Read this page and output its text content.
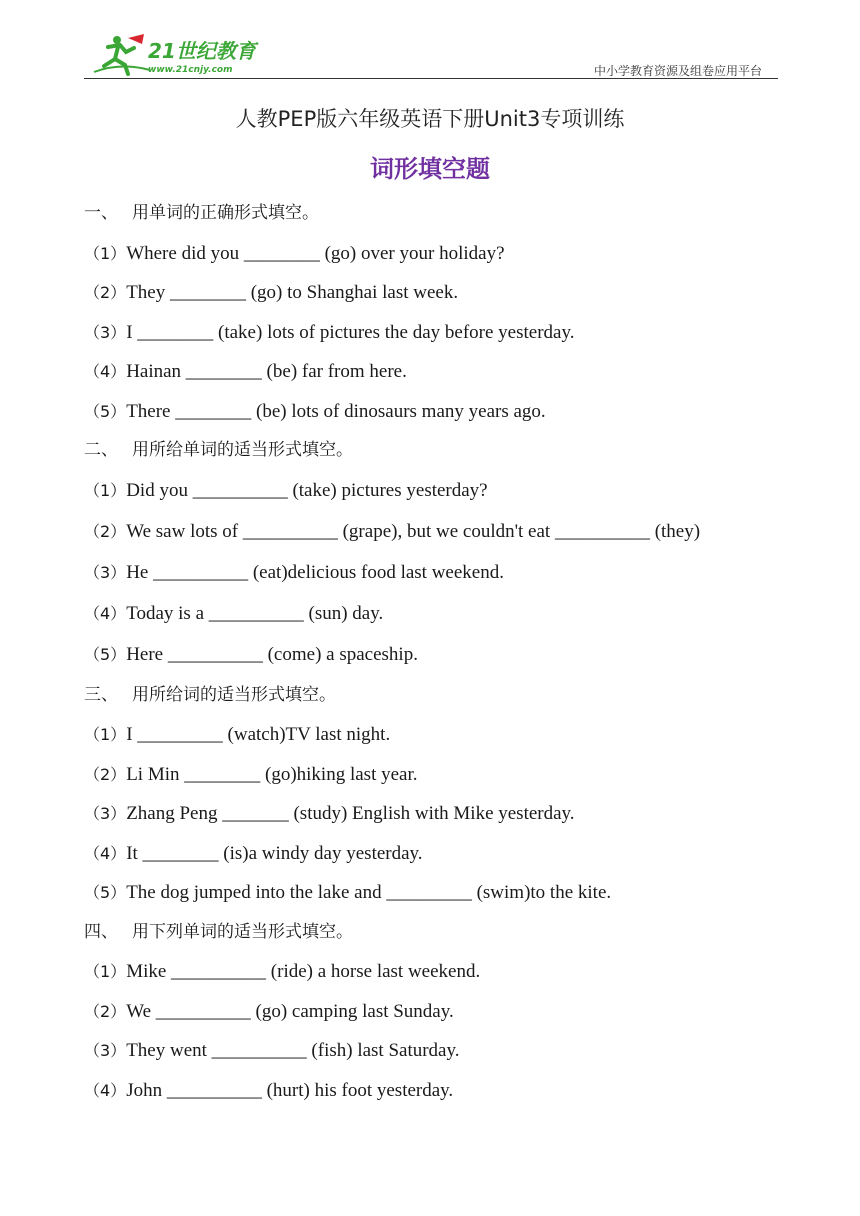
21世纪教育
www.21cnjy.com	中小学教育资源及组卷应用平台
人教PEP版六年级英语下册Unit3专项训练
词形填空题
一、 用单词的正确形式填空。
（1）Where did you ________ (go) over your holiday?
（2）They ________ (go) to Shanghai last week.
（3）I ________ (take) lots of pictures the day before yesterday.
（4）Hainan ________ (be) far from here.
（5）There ________ (be) lots of dinosaurs many years ago.
二、 用所给单词的适当形式填空。
（1）Did you __________ (take) pictures yesterday?
（2）We saw lots of __________ (grape), but we couldn't eat __________ (they)
（3）He __________ (eat)delicious food last weekend.
（4）Today is a __________ (sun) day.
（5）Here __________ (come) a spaceship.
三、 用所给词的适当形式填空。
（1）I _________ (watch)TV last night.
（2）Li Min ________ (go)hiking last year.
（3）Zhang Peng _______ (study) English with Mike yesterday.
（4）It ________ (is)a windy day yesterday.
（5）The dog jumped into the lake and _________ (swim)to the kite.
四、 用下列单词的适当形式填空。
（1）Mike __________ (ride) a horse last weekend.
（2）We __________ (go) camping last Sunday.
（3）They went __________ (fish) last Saturday.
（4）John __________ (hurt) his foot yesterday.
